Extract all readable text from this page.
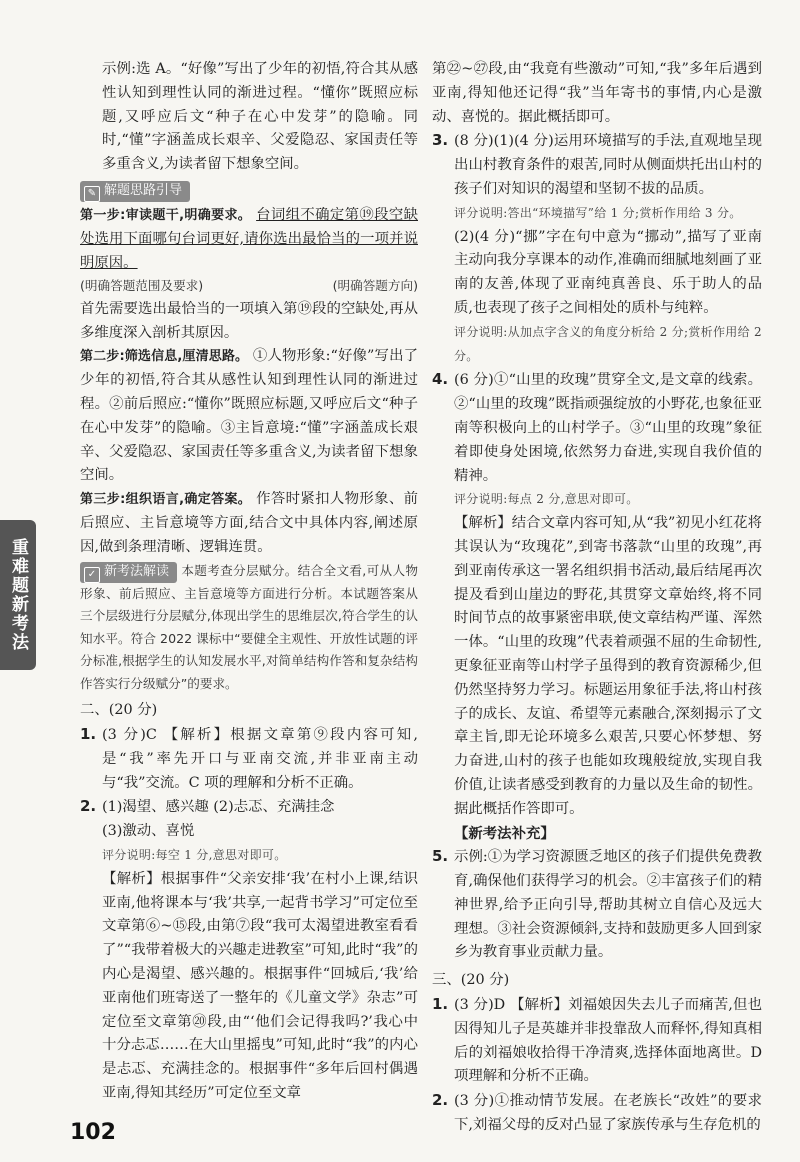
重难题新考法

示例:选 A。“好像”写出了少年的初悟,符合其从感性认知到理性认同的渐进过程。“懂你”既照应标题,又呼应后文“种子在心中发芽”的隐喻。同时,“懂”字涵盖成长艰辛、父爱隐忍、家国责任等多重含义,为读者留下想象空间。

✎ 解题思路引导

第一步:审读题干,明确要求。 台词组不确定第⑲段空缺处选用下面哪句台词更好,请你选出最恰当的一项并说明原因。

(明确答题范围及要求)	(明确答题方向)

首先需要选出最恰当的一项填入第⑲段的空缺处,再从多维度深入剖析其原因。

第二步:筛选信息,厘清思路。 ①人物形象:“好像”写出了少年的初悟,符合其从感性认知到理性认同的渐进过程。②前后照应:“懂你”既照应标题,又呼应后文“种子在心中发芽”的隐喻。③主旨意境:“懂”字涵盖成长艰辛、父爱隐忍、家国责任等多重含义,为读者留下想象空间。

第三步:组织语言,确定答案。 作答时紧扣人物形象、前后照应、主旨意境等方面,结合文中具体内容,阐述原因,做到条理清晰、逻辑连贯。

✓ 新考法解读 本题考查分层赋分。结合全文看,可从人物形象、前后照应、主旨意境等方面进行分析。本试题答案从三个层级进行分层赋分,体现出学生的思维层次,符合学生的认知水平。符合 2022 课标中“要健全主观性、开放性试题的评分标准,根据学生的认知发展水平,对简单结构作答和复杂结构作答实行分级赋分”的要求。

二、(20 分)

1. (3 分)C 【解析】根据文章第⑨段内容可知,是“我”率先开口与亚南交流,并非亚南主动与“我”交流。C 项的理解和分析不正确。

2. (1)渴望、感兴趣 (2)忐忑、充满挂念

(3)激动、喜悦

评分说明:每空 1 分,意思对即可。

【解析】根据事件“父亲安排‘我’在村小上课,结识亚南,他将课本与‘我’共享,一起背书学习”可定位至文章第⑥~⑮段,由第⑦段“我可太渴望进教室看看了”“我带着极大的兴趣走进教室”可知,此时“我”的内心是渴望、感兴趣的。根据事件“回城后,‘我’给亚南他们班寄送了一整年的《儿童文学》杂志”可定位至文章第⑳段,由“‘他们会记得我吗?’我心中十分忐忑……在大山里摇曳”可知,此时“我”的内心是忐忑、充满挂念的。根据事件“多年后回村偶遇亚南,得知其经历”可定位至文章

第㉒~㉗段,由“我竟有些激动”可知,“我”多年后遇到亚南,得知他还记得“我”当年寄书的事情,内心是激动、喜悦的。据此概括即可。

3. (8 分)(1)(4 分)运用环境描写的手法,直观地呈现出山村教育条件的艰苦,同时从侧面烘托出山村的孩子们对知识的渴望和坚韧不拔的品质。

评分说明:答出“环境描写”给 1 分;赏析作用给 3 分。

(2)(4 分)“挪”字在句中意为“挪动”,描写了亚南主动向我分享课本的动作,准确而细腻地刻画了亚南的友善,体现了亚南纯真善良、乐于助人的品质,也表现了孩子之间相处的质朴与纯粹。

评分说明:从加点字含义的角度分析给 2 分;赏析作用给 2 分。

4. (6 分)①“山里的玫瑰”贯穿全文,是文章的线索。②“山里的玫瑰”既指顽强绽放的小野花,也象征亚南等积极向上的山村学子。③“山里的玫瑰”象征着即使身处困境,依然努力奋进,实现自我价值的精神。

评分说明:每点 2 分,意思对即可。

【解析】结合文章内容可知,从“我”初见小红花将其误认为“玫瑰花”,到寄书落款“山里的玫瑰”,再到亚南传承这一署名组织捐书活动,最后结尾再次提及看到山崖边的野花,其贯穿文章始终,将不同时间节点的故事紧密串联,使文章结构严谨、浑然一体。“山里的玫瑰”代表着顽强不屈的生命韧性,更象征亚南等山村学子虽得到的教育资源稀少,但仍然坚持努力学习。标题运用象征手法,将山村孩子的成长、友谊、希望等元素融合,深刻揭示了文章主旨,即无论环境多么艰苦,只要心怀梦想、努力奋进,山村的孩子也能如玫瑰般绽放,实现自我价值,让读者感受到教育的力量以及生命的韧性。据此概括作答即可。

【新考法补充】

5. 示例:①为学习资源匮乏地区的孩子们提供免费教育,确保他们获得学习的机会。②丰富孩子们的精神世界,给予正向引导,帮助其树立自信心及远大理想。③社会资源倾斜,支持和鼓励更多人回到家乡为教育事业贡献力量。

三、(20 分)

1. (3 分)D 【解析】刘福娘因失去儿子而痛苦,但也因得知儿子是英雄并非投靠敌人而释怀,得知真相后的刘福娘收拾得干净清爽,选择体面地离世。D 项理解和分析不正确。

2. (3 分)①推动情节发展。在老族长“改姓”的要求下,刘福父母的反对凸显了家族传承与生存危机的

102
